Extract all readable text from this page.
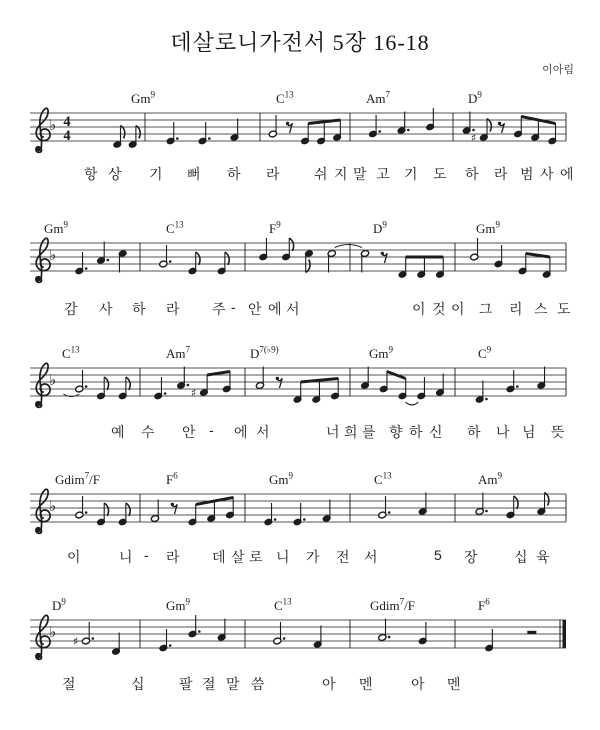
데살로니가전서 5장 16-18
이아림
♭ 4
4	♯
♭
♭
♯
♭
♭
♯
Gm$^9$	$C^{13}$	Am$^7$	$D^9$
항 상 기 뻐 하 라 쉬 지 말 고 기 도 하 라 범 사 에
Gm$^9$	$C^{13}$	$F^9$	$D^9$	Gm$^9$
감 사 하 라 주 - 안 에 서	이 것 이 그 리 스 도
$C^{13}$	Am$^7$	$D^{7(♭9)}$	Gm$^9$	$C^9$
예 수 안 - 에 서	너 희 를 향 하 신 하 나 님 뜻
Gdim$^7$/F	$F^6$	Gm$^9$	$C^{13}$	Am$^9$
이	니 - 라 데 살 로 니 가 전 서	5 장	십 육
$D^9$	Gm$^9$	$C^{13}$	Gdim$^7$/F	$F^6$
절	십 팔 절 말 씀	아 멘	아 멘
